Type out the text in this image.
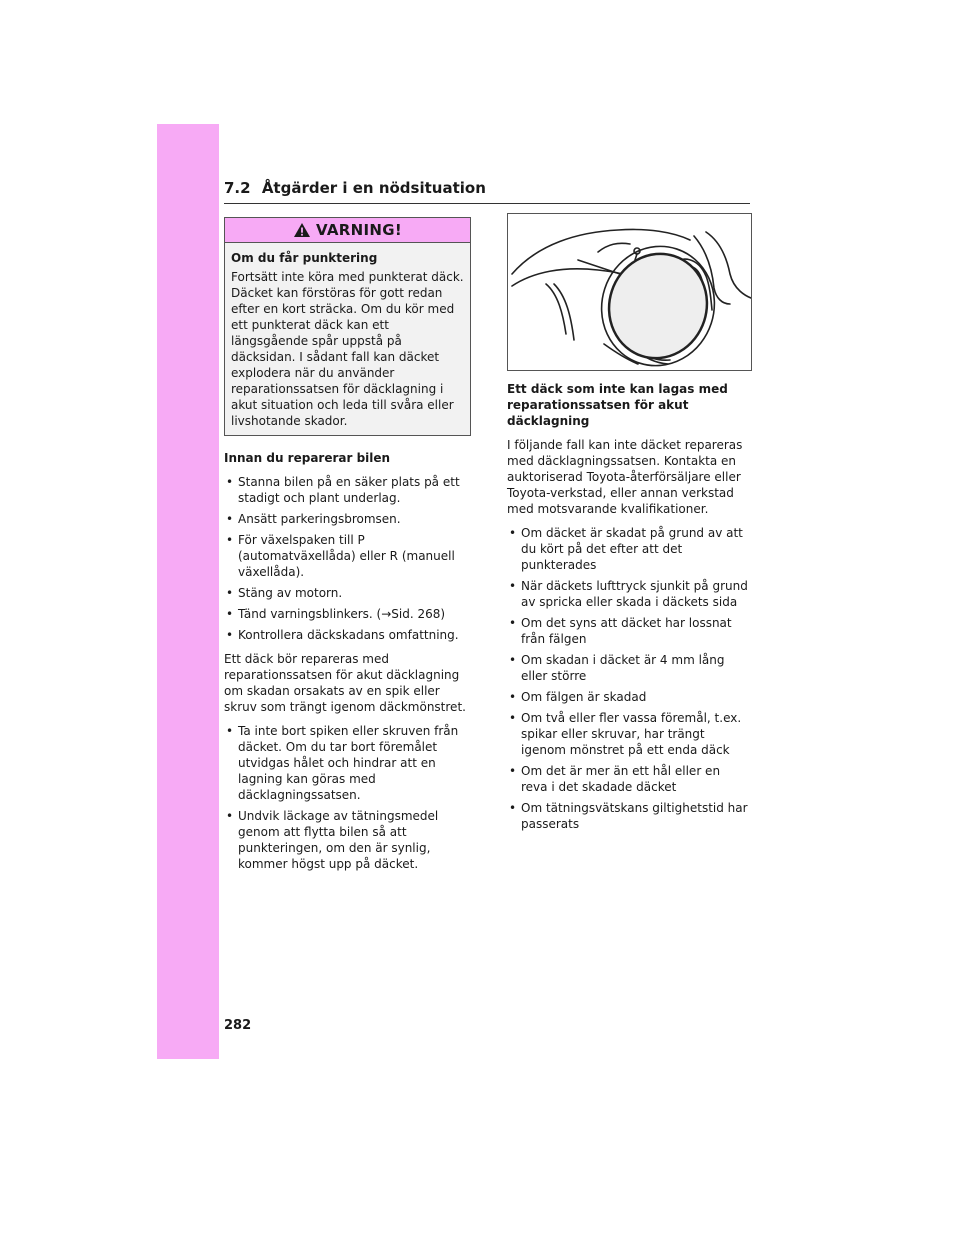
7.2 Åtgärder i en nödsituation
VARNING!
Om du får punktering
Fortsätt inte köra med punkterat däck. Däcket kan förstöras för gott redan efter en kort sträcka. Om du kör med ett punkterat däck kan ett längsgående spår uppstå på däcksidan. I sådant fall kan däcket explodera när du använder reparationssatsen för däcklagning i akut situation och leda till svåra eller livshotande skador.
Innan du reparerar bilen
• Stanna bilen på en säker plats på ett stadigt och plant underlag.
• Ansätt parkeringsbromsen.
• För växelspaken till P (automatväxellåda) eller R (manuell växellåda).
• Stäng av motorn.
• Tänd varningsblinkers. (→Sid. 268)
• Kontrollera däckskadans omfattning.

Ett däck bör repareras med reparationssatsen för akut däcklagning om skadan orsakats av en spik eller skruv som trängt igenom däckmönstret.

• Ta inte bort spiken eller skruven från däcket. Om du tar bort föremålet utvidgas hålet och hindrar att en lagning kan göras med däcklagningssatsen.
• Undvik läckage av tätningsmedel genom att flytta bilen så att punkteringen, om den är synlig, kommer högst upp på däcket.
Ett däck som inte kan lagas med reparationssatsen för akut däcklagning

I följande fall kan inte däcket repareras med däcklagningssatsen. Kontakta en auktoriserad Toyota-återförsäljare eller Toyota-verkstad, eller annan verkstad med motsvarande kvalifikationer.

• Om däcket är skadat på grund av att du kört på det efter att det punkterades
• När däckets lufttryck sjunkit på grund av spricka eller skada i däckets sida
• Om det syns att däcket har lossnat från fälgen
• Om skadan i däcket är 4 mm lång eller större
• Om fälgen är skadad
• Om två eller fler vassa föremål, t.ex. spikar eller skruvar, har trängt igenom mönstret på ett enda däck
• Om det är mer än ett hål eller en reva i det skadade däcket
• Om tätningsvätskans giltighetstid har passerats
282
